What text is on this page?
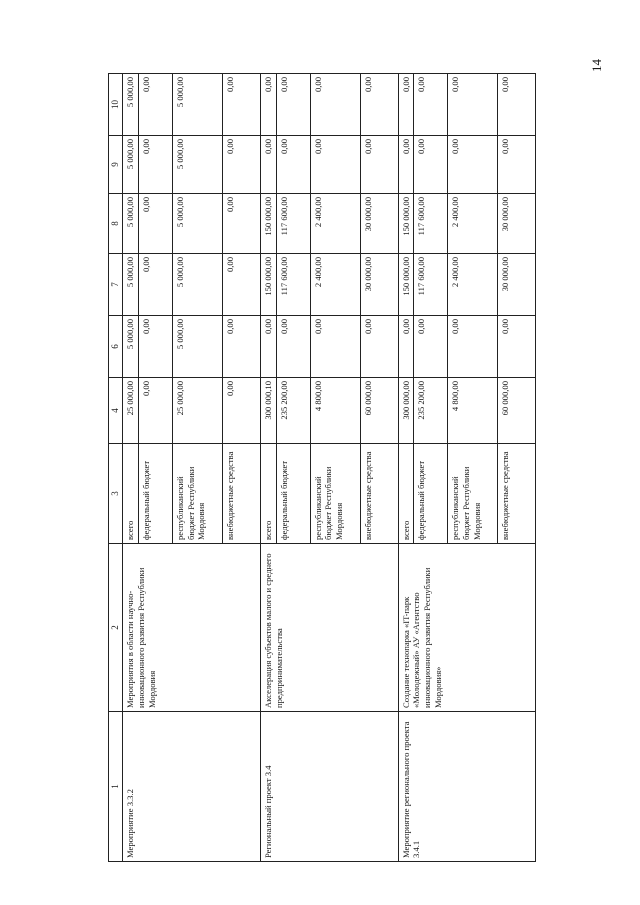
14
1	2	3	4	6	7	8	9	10
Мероприятие 3.3.2	Мероприятия в области научно-инновационного развития Республики Мордовия	всего	25 000,00	5 000,00	5 000,00	5 000,00	5 000,00	5 000,00
		федеральный бюджет	0,00	0,00	0,00	0,00	0,00	0,00
		республиканский бюджет Республики Мордовия	25 000,00	5 000,00	5 000,00	5 000,00	5 000,00	5 000,00
		внебюджетные средства	0,00	0,00	0,00	0,00	0,00	0,00
Региональный проект 3.4	Акселерация субъектов малого и среднего предпринимательства	всего	300 000,10	0,00	150 000,00	150 000,00	0,00	0,00
		федеральный бюджет	235 200,00	0,00	117 600,00	117 600,00	0,00	0,00
		республиканский бюджет Республики Мордовия	4 800,00	0,00	2 400,00	2 400,00	0,00	0,00
		внебюджетные средства	60 000,00	0,00	30 000,00	30 000,00	0,00	0,00
Мероприятие регионального проекта 3.4.1	Создание технопарка «IT-парк «Молодежный» АУ «Агентство инновационного развития Республики Мордовия»	всего	300 000,00	0,00	150 000,00	150 000,00	0,00	0,00
		федеральный бюджет	235 200,00	0,00	117 600,00	117 600,00	0,00	0,00
		республиканский бюджет Республики Мордовия	4 800,00	0,00	2 400,00	2 400,00	0,00	0,00
		внебюджетные средства	60 000,00	0,00	30 000,00	30 000,00	0,00	0,00
